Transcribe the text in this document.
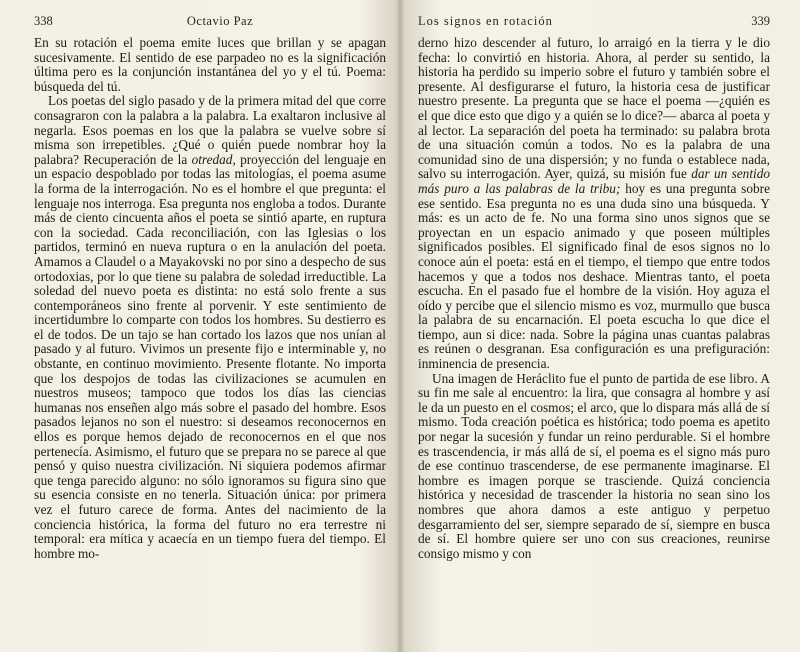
338	Octavio Paz

En su rotación el poema emite luces que brillan y se apagan sucesivamente. El sentido de ese parpadeo no es la significación última pero es la conjunción instantánea del yo y el tú. Poema: búsqueda del tú.

Los poetas del siglo pasado y de la primera mitad del que corre consagraron con la palabra a la palabra. La exaltaron inclusive al negarla. Esos poemas en los que la palabra se vuelve sobre sí misma son irrepetibles. ¿Qué o quién puede nombrar hoy la palabra? Recuperación de la otredad, proyección del lenguaje en un espacio despoblado por todas las mitologías, el poema asume la forma de la interrogación. No es el hombre el que pregunta: el lenguaje nos interroga. Esa pregunta nos engloba a todos. Durante más de ciento cincuenta años el poeta se sintió aparte, en ruptura con la sociedad. Cada reconciliación, con las Iglesias o los partidos, terminó en nueva ruptura o en la anulación del poeta. Amamos a Claudel o a Mayakovski no por sino a despecho de sus ortodoxias, por lo que tiene su palabra de soledad irreductible. La soledad del nuevo poeta es distinta: no está solo frente a sus contemporáneos sino frente al porvenir. Y este sentimiento de incertidumbre lo comparte con todos los hombres. Su destierro es el de todos. De un tajo se han cortado los lazos que nos unían al pasado y al futuro. Vivimos un presente fijo e interminable y, no obstante, en continuo movimiento. Presente flotante. No importa que los despojos de todas las civilizaciones se acumulen en nuestros museos; tampoco que todos los días las ciencias humanas nos enseñen algo más sobre el pasado del hombre. Esos pasados lejanos no son el nuestro: si deseamos reconocernos en ellos es porque hemos dejado de reconocernos en el que nos pertenecía. Asimismo, el futuro que se prepara no se parece al que pensó y quiso nuestra civilización. Ni siquiera podemos afirmar que tenga parecido alguno: no sólo ignoramos su figura sino que su esencia consiste en no tenerla. Situación única: por primera vez el futuro carece de forma. Antes del nacimiento de la conciencia histórica, la forma del futuro no era terrestre ni temporal: era mítica y acaecía en un tiempo fuera del tiempo. El hombre mo-

Los signos en rotación	339

derno hizo descender al futuro, lo arraigó en la tierra y le dio fecha: lo convirtió en historia. Ahora, al perder su sentido, la historia ha perdido su imperio sobre el futuro y también sobre el presente. Al desfigurarse el futuro, la historia cesa de justificar nuestro presente. La pregunta que se hace el poema —¿quién es el que dice esto que digo y a quién se lo dice?— abarca al poeta y al lector. La separación del poeta ha terminado: su palabra brota de una situación común a todos. No es la palabra de una comunidad sino de una dispersión; y no funda o establece nada, salvo su interrogación. Ayer, quizá, su misión fue dar un sentido más puro a las palabras de la tribu; hoy es una pregunta sobre ese sentido. Esa pregunta no es una duda sino una búsqueda. Y más: es un acto de fe. No una forma sino unos signos que se proyectan en un espacio animado y que poseen múltiples significados posibles. El significado final de esos signos no lo conoce aún el poeta: está en el tiempo, el tiempo que entre todos hacemos y que a todos nos deshace. Mientras tanto, el poeta escucha. En el pasado fue el hombre de la visión. Hoy aguza el oído y percibe que el silencio mismo es voz, murmullo que busca la palabra de su encarnación. El poeta escucha lo que dice el tiempo, aun si dice: nada. Sobre la página unas cuantas palabras es reúnen o desgranan. Esa configuración es una prefiguración: inminencia de presencia.

Una imagen de Heráclito fue el punto de partida de ese libro. A su fin me sale al encuentro: la lira, que consagra al hombre y así le da un puesto en el cosmos; el arco, que lo dispara más allá de sí mismo. Toda creación poética es histórica; todo poema es apetito por negar la sucesión y fundar un reino perdurable. Si el hombre es trascendencia, ir más allá de sí, el poema es el signo más puro de ese continuo trascenderse, de ese permanente imaginarse. El hombre es imagen porque se trasciende. Quizá conciencia histórica y necesidad de trascender la historia no sean sino los nombres que ahora damos a este antiguo y perpetuo desgarramiento del ser, siempre separado de sí, siempre en busca de sí. El hombre quiere ser uno con sus creaciones, reunirse consigo mismo y con
